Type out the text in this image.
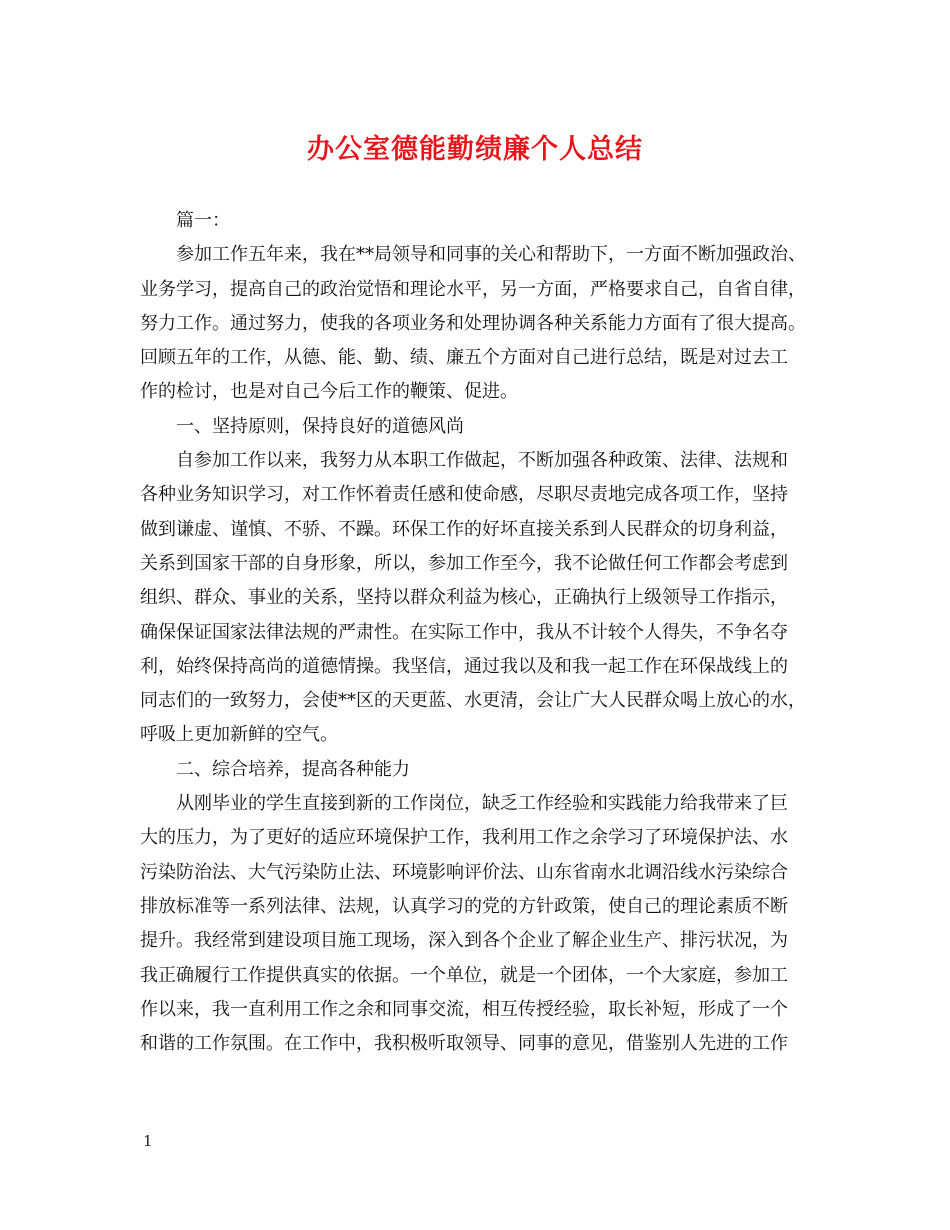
办公室德能勤绩廉个人总结
篇一：
参加工作五年来，我在**局领导和同事的关心和帮助下，一方面不断加强政治、
业务学习，提高自己的政治觉悟和理论水平，另一方面，严格要求自己，自省自律，
努力工作。通过努力，使我的各项业务和处理协调各种关系能力方面有了很大提高。
回顾五年的工作，从德、能、勤、绩、廉五个方面对自己进行总结，既是对过去工
作的检讨，也是对自己今后工作的鞭策、促进。
一、坚持原则，保持良好的道德风尚
自参加工作以来，我努力从本职工作做起，不断加强各种政策、法律、法规和
各种业务知识学习，对工作怀着责任感和使命感，尽职尽责地完成各项工作，坚持
做到谦虚、谨慎、不骄、不躁。环保工作的好坏直接关系到人民群众的切身利益，
关系到国家干部的自身形象，所以，参加工作至今，我不论做任何工作都会考虑到
组织、群众、事业的关系，坚持以群众利益为核心，正确执行上级领导工作指示，
确保保证国家法律法规的严肃性。在实际工作中，我从不计较个人得失，不争名夺
利，始终保持高尚的道德情操。我坚信，通过我以及和我一起工作在环保战线上的
同志们的一致努力，会使**区的天更蓝、水更清，会让广大人民群众喝上放心的水，
呼吸上更加新鲜的空气。
二、综合培养，提高各种能力
从刚毕业的学生直接到新的工作岗位，缺乏工作经验和实践能力给我带来了巨
大的压力，为了更好的适应环境保护工作，我利用工作之余学习了环境保护法、水
污染防治法、大气污染防止法、环境影响评价法、山东省南水北调沿线水污染综合
排放标准等一系列法律、法规，认真学习的党的方针政策，使自己的理论素质不断
提升。我经常到建设项目施工现场，深入到各个企业了解企业生产、排污状况，为
我正确履行工作提供真实的依据。一个单位，就是一个团体，一个大家庭，参加工
作以来，我一直利用工作之余和同事交流，相互传授经验，取长补短，形成了一个
和谐的工作氛围。在工作中，我积极听取领导、同事的意见，借鉴别人先进的工作
1
